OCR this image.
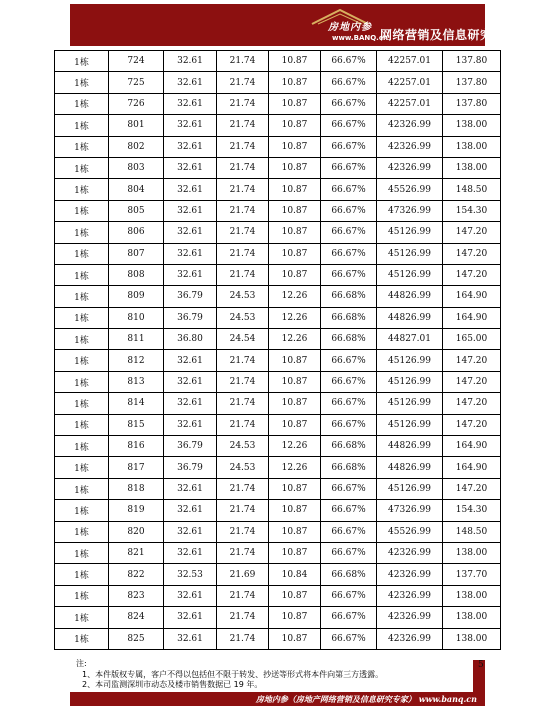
房地内参
www.BANQ.cn
网络营销及信息研究专家
1栋	724	32.61	21.74	10.87	66.67%	42257.01	137.80
1栋	725	32.61	21.74	10.87	66.67%	42257.01	137.80
1栋	726	32.61	21.74	10.87	66.67%	42257.01	137.80
1栋	801	32.61	21.74	10.87	66.67%	42326.99	138.00
1栋	802	32.61	21.74	10.87	66.67%	42326.99	138.00
1栋	803	32.61	21.74	10.87	66.67%	42326.99	138.00
1栋	804	32.61	21.74	10.87	66.67%	45526.99	148.50
1栋	805	32.61	21.74	10.87	66.67%	47326.99	154.30
1栋	806	32.61	21.74	10.87	66.67%	45126.99	147.20
1栋	807	32.61	21.74	10.87	66.67%	45126.99	147.20
1栋	808	32.61	21.74	10.87	66.67%	45126.99	147.20
1栋	809	36.79	24.53	12.26	66.68%	44826.99	164.90
1栋	810	36.79	24.53	12.26	66.68%	44826.99	164.90
1栋	811	36.80	24.54	12.26	66.68%	44827.01	165.00
1栋	812	32.61	21.74	10.87	66.67%	45126.99	147.20
1栋	813	32.61	21.74	10.87	66.67%	45126.99	147.20
1栋	814	32.61	21.74	10.87	66.67%	45126.99	147.20
1栋	815	32.61	21.74	10.87	66.67%	45126.99	147.20
1栋	816	36.79	24.53	12.26	66.68%	44826.99	164.90
1栋	817	36.79	24.53	12.26	66.68%	44826.99	164.90
1栋	818	32.61	21.74	10.87	66.67%	45126.99	147.20
1栋	819	32.61	21.74	10.87	66.67%	47326.99	154.30
1栋	820	32.61	21.74	10.87	66.67%	45526.99	148.50
1栋	821	32.61	21.74	10.87	66.67%	42326.99	138.00
1栋	822	32.53	21.69	10.84	66.68%	42326.99	137.70
1栋	823	32.61	21.74	10.87	66.67%	42326.99	138.00
1栋	824	32.61	21.74	10.87	66.67%	42326.99	138.00
1栋	825	32.61	21.74	10.87	66.67%	42326.99	138.00
注:
1、本件版权专属，客户不得以包括但不限于转发、抄送等形式将本件向第三方透露。
2、本司监测深圳市动态及楼市销售数据已 19 年。
5
房地内参（房地产网络营销及信息研究专家） www.banq.cn
